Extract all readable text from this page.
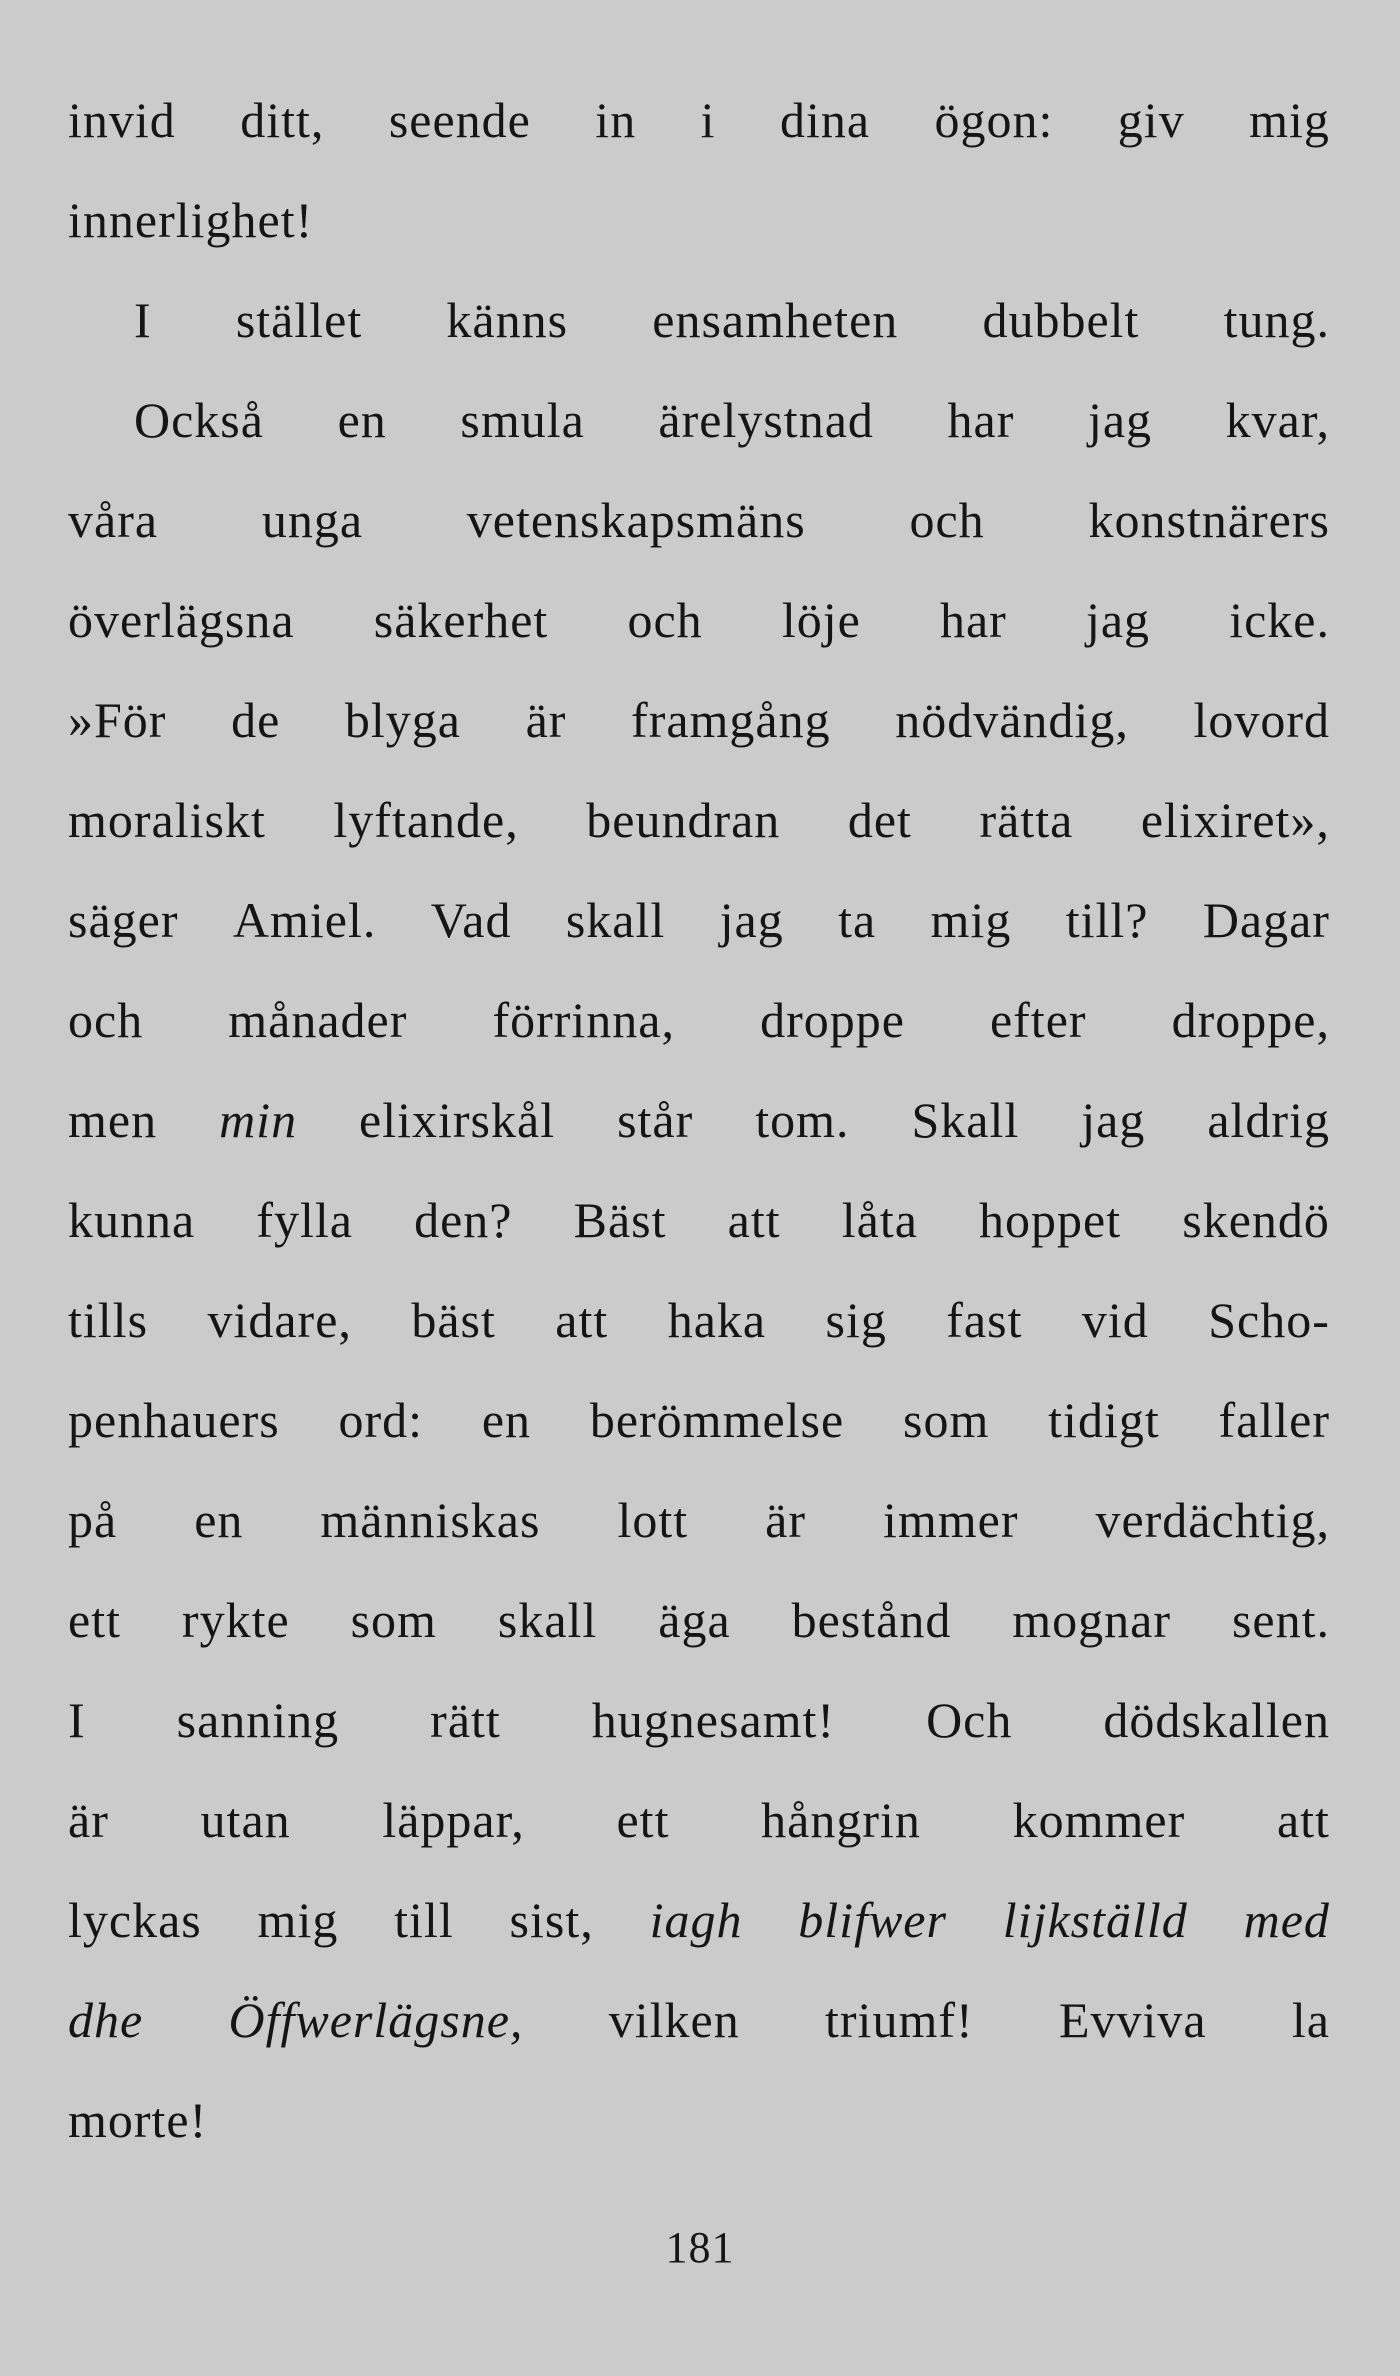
invid ditt, seende in i dina ögon: giv mig
innerlighet!
I stället känns ensamheten dubbelt tung.
Också en smula ärelystnad har jag kvar,
våra unga vetenskapsmäns och konstnärers
överlägsna säkerhet och löje har jag icke.
»För de blyga är framgång nödvändig, lovord
moraliskt lyftande, beundran det rätta elixiret»,
säger Amiel. Vad skall jag ta mig till? Dagar
och månader förrinna, droppe efter droppe,
men min elixirskål står tom. Skall jag aldrig
kunna fylla den? Bäst att låta hoppet skendö
tills vidare, bäst att haka sig fast vid Scho-
penhauers ord: en berömmelse som tidigt faller
på en människas lott är immer verdächtig,
ett rykte som skall äga bestånd mognar sent.
I sanning rätt hugnesamt! Och dödskallen
är utan läppar, ett hångrin kommer att
lyckas mig till sist, iagh blifwer lijkställd med
dhe Öffwerlägsne, vilken triumf! Evviva la
morte!
181
